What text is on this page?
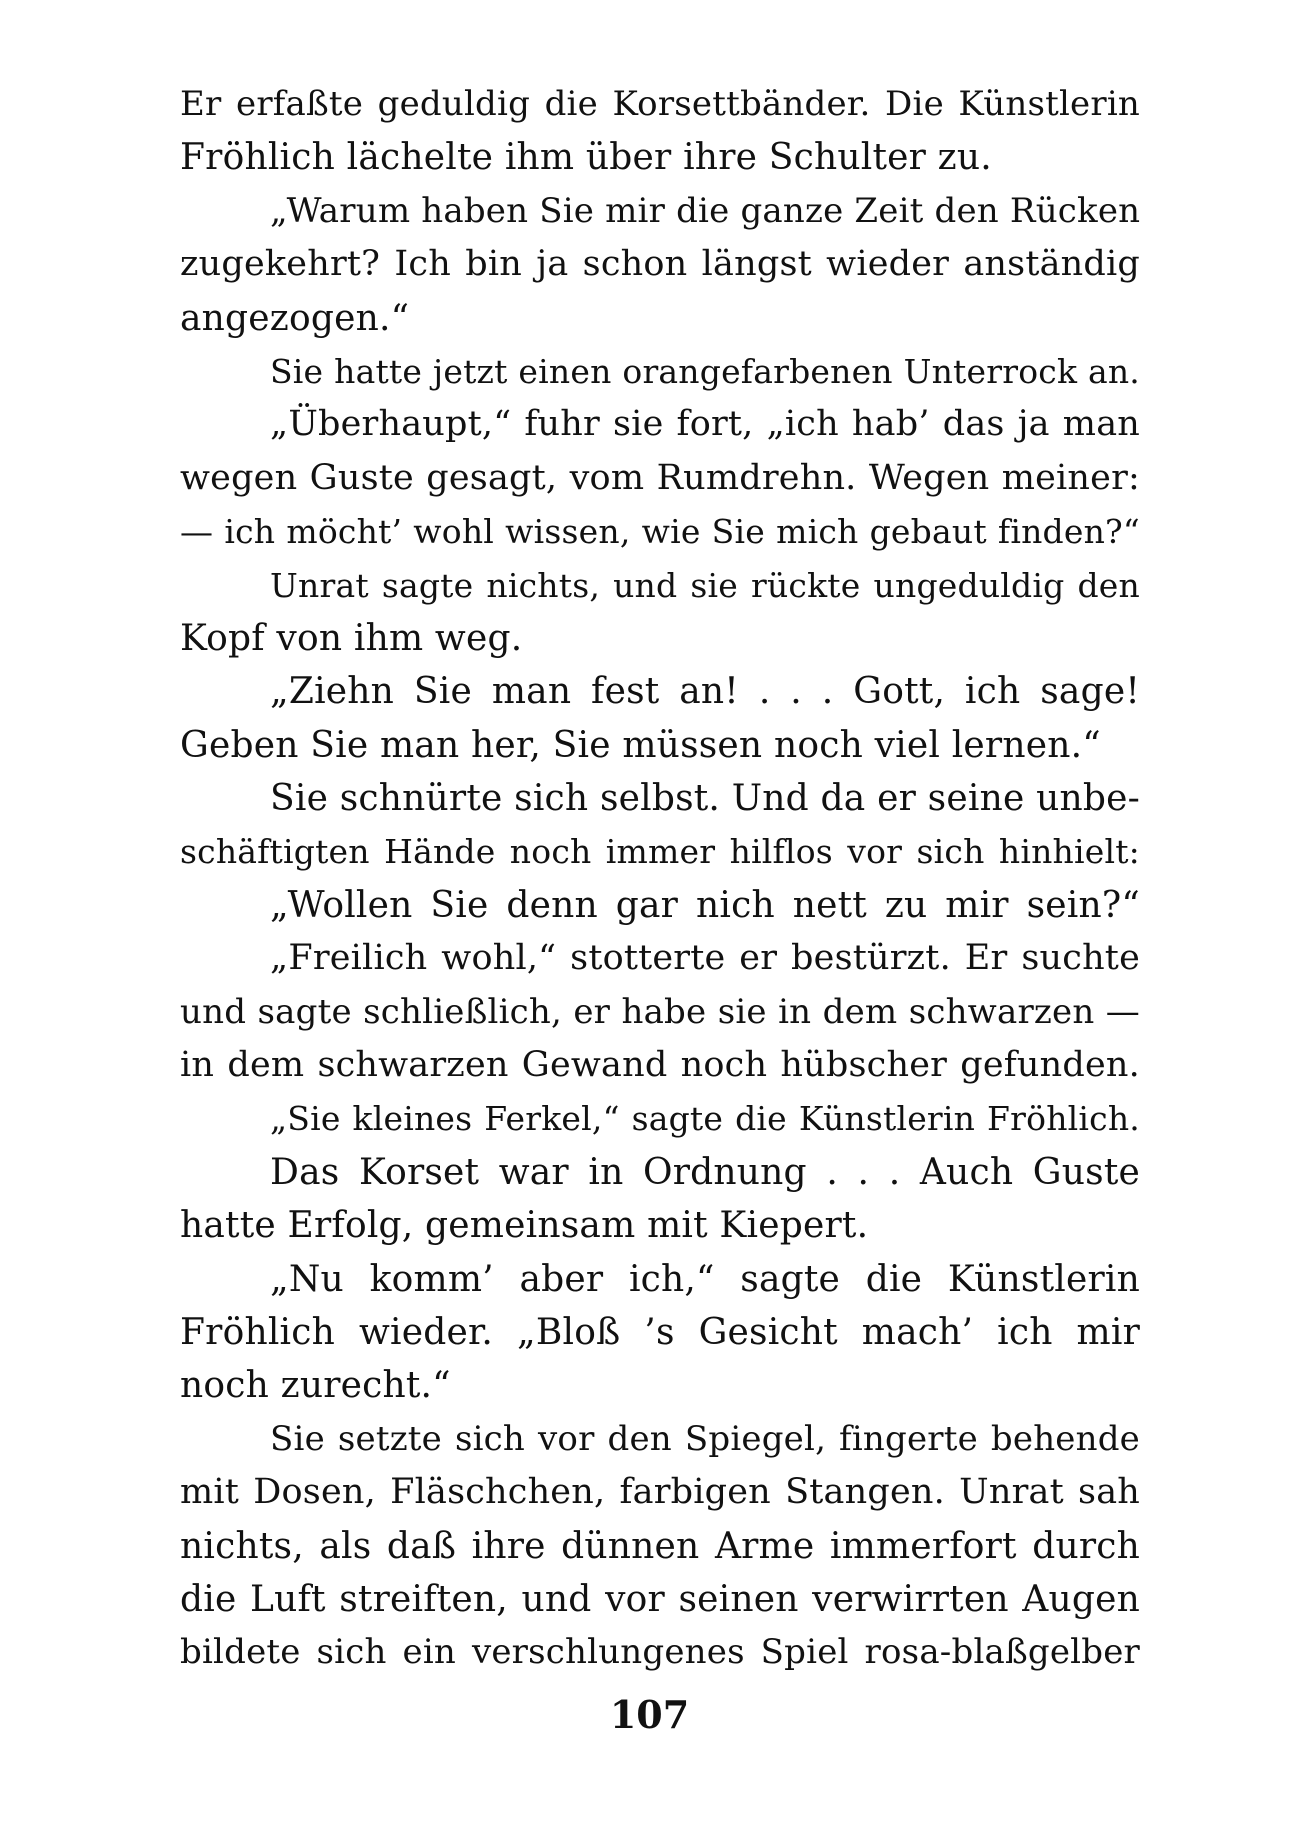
Er erfaßte geduldig die Korsettbänder. Die Künstlerin
Fröhlich lächelte ihm über ihre Schulter zu.
„Warum haben Sie mir die ganze Zeit den Rücken
zugekehrt? Ich bin ja schon längst wieder anständig
angezogen.“
Sie hatte jetzt einen orangefarbenen Unterrock an.
„Überhaupt,“ fuhr sie fort, „ich hab’ das ja man
wegen Guste gesagt, vom Rumdrehn. Wegen meiner:
— ich möcht’ wohl wissen, wie Sie mich gebaut finden?“
Unrat sagte nichts, und sie rückte ungeduldig den
Kopf von ihm weg.
„Ziehn Sie man fest an! . . . Gott, ich sage!
Geben Sie man her, Sie müssen noch viel lernen.“
Sie schnürte sich selbst. Und da er seine unbe-
schäftigten Hände noch immer hilflos vor sich hinhielt:
„Wollen Sie denn gar nich nett zu mir sein?“
„Freilich wohl,“ stotterte er bestürzt. Er suchte
und sagte schließlich, er habe sie in dem schwarzen —
in dem schwarzen Gewand noch hübscher gefunden.
„Sie kleines Ferkel,“ sagte die Künstlerin Fröhlich.
Das Korset war in Ordnung . . . Auch Guste
hatte Erfolg, gemeinsam mit Kiepert.
„Nu komm’ aber ich,“ sagte die Künstlerin
Fröhlich wieder. „Bloß ’s Gesicht mach’ ich mir
noch zurecht.“
Sie setzte sich vor den Spiegel, fingerte behende
mit Dosen, Fläschchen, farbigen Stangen. Unrat sah
nichts, als daß ihre dünnen Arme immerfort durch
die Luft streiften, und vor seinen verwirrten Augen
bildete sich ein verschlungenes Spiel rosa-blaßgelber
107
